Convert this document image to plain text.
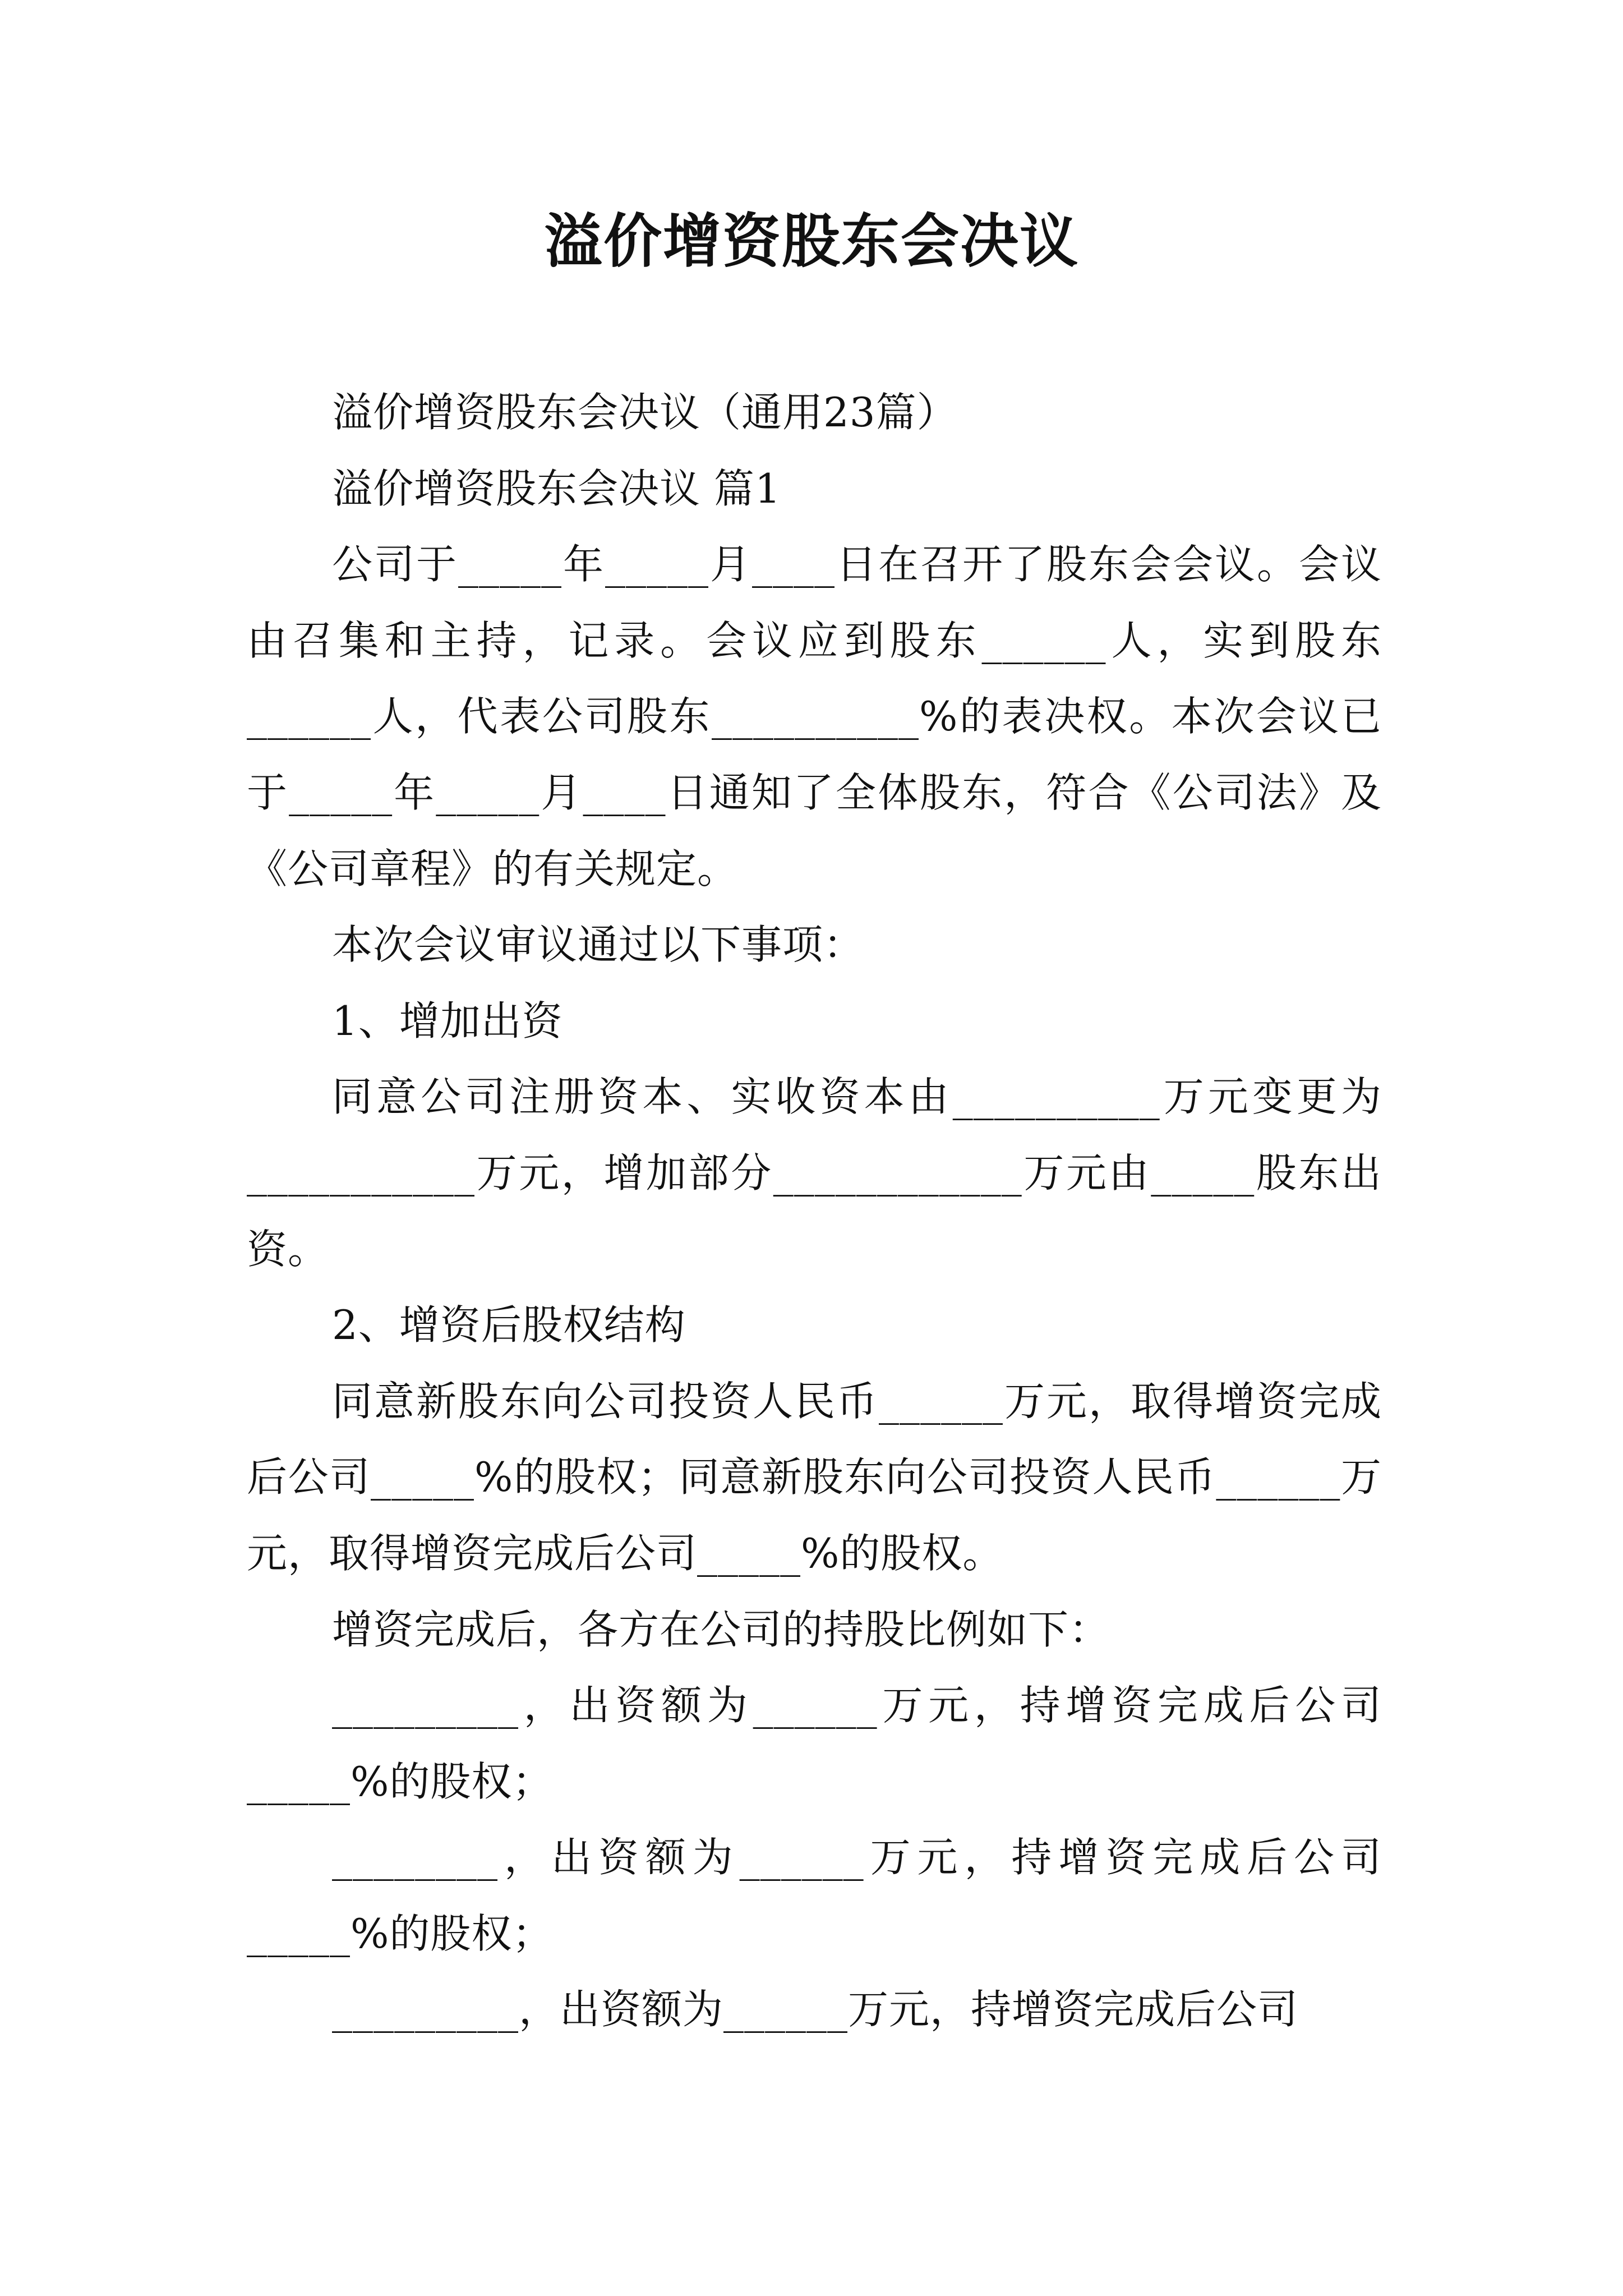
溢价增资股东会决议

溢价增资股东会决议（通用23篇）

溢价增资股东会决议 篇1

公司于_____年_____月____日在召开了股东会会议。会议由召集和主持，记录。会议应到股东______人，实到股东______人，代表公司股东__________%的表决权。本次会议已于_____年_____月____日通知了全体股东，符合《公司法》及《公司章程》的有关规定。

本次会议审议通过以下事项：

1、增加出资

同意公司注册资本、实收资本由__________万元变更为___________万元，增加部分____________万元由_____股东出资。

2、增资后股权结构

同意新股东向公司投资人民币______万元，取得增资完成后公司_____%的股权；同意新股东向公司投资人民币______万元，取得增资完成后公司_____%的股权。

增资完成后，各方在公司的持股比例如下：

_________，出资额为______万元，持增资完成后公司_____%的股权；

________，出资额为______万元，持增资完成后公司_____%的股权；

_________，出资额为______万元，持增资完成后公司
